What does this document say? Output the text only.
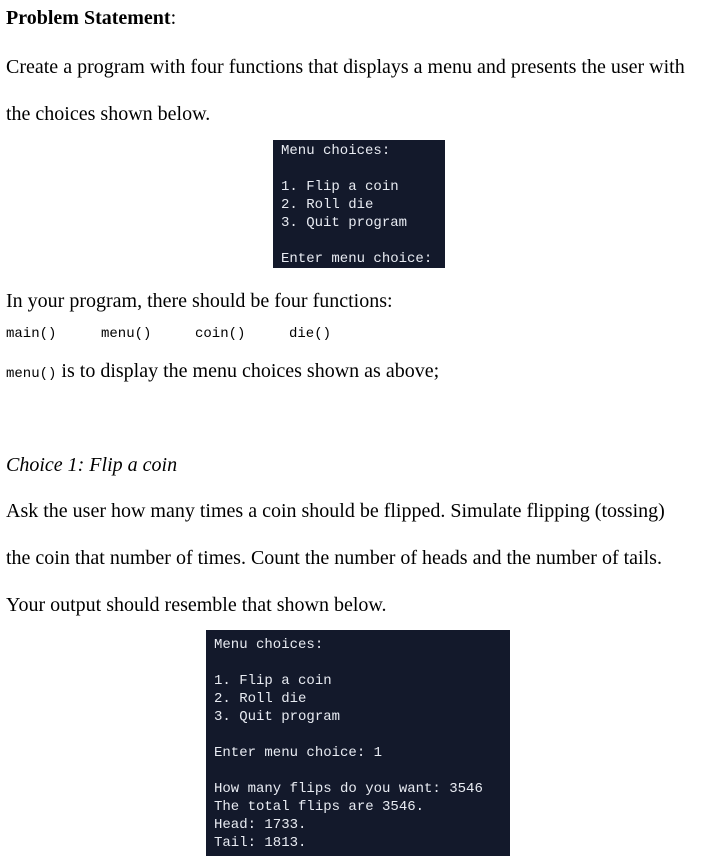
Problem Statement:
Create a program with four functions that displays a menu and presents the user with
the choices shown below.
Menu choices:
1. Flip a coin
2. Roll die
3. Quit program
Enter menu choice:
In your program, there should be four functions:
main()	menu()	coin()	die()
menu() is to display the menu choices shown as above;
Choice 1: Flip a coin
Ask the user how many times a coin should be flipped. Simulate flipping (tossing)
the coin that number of times. Count the number of heads and the number of tails.
Your output should resemble that shown below.
Menu choices:
1. Flip a coin
2. Roll die
3. Quit program
Enter menu choice: 1
How many flips do you want: 3546
The total flips are 3546.
Head: 1733.
Tail: 1813.
